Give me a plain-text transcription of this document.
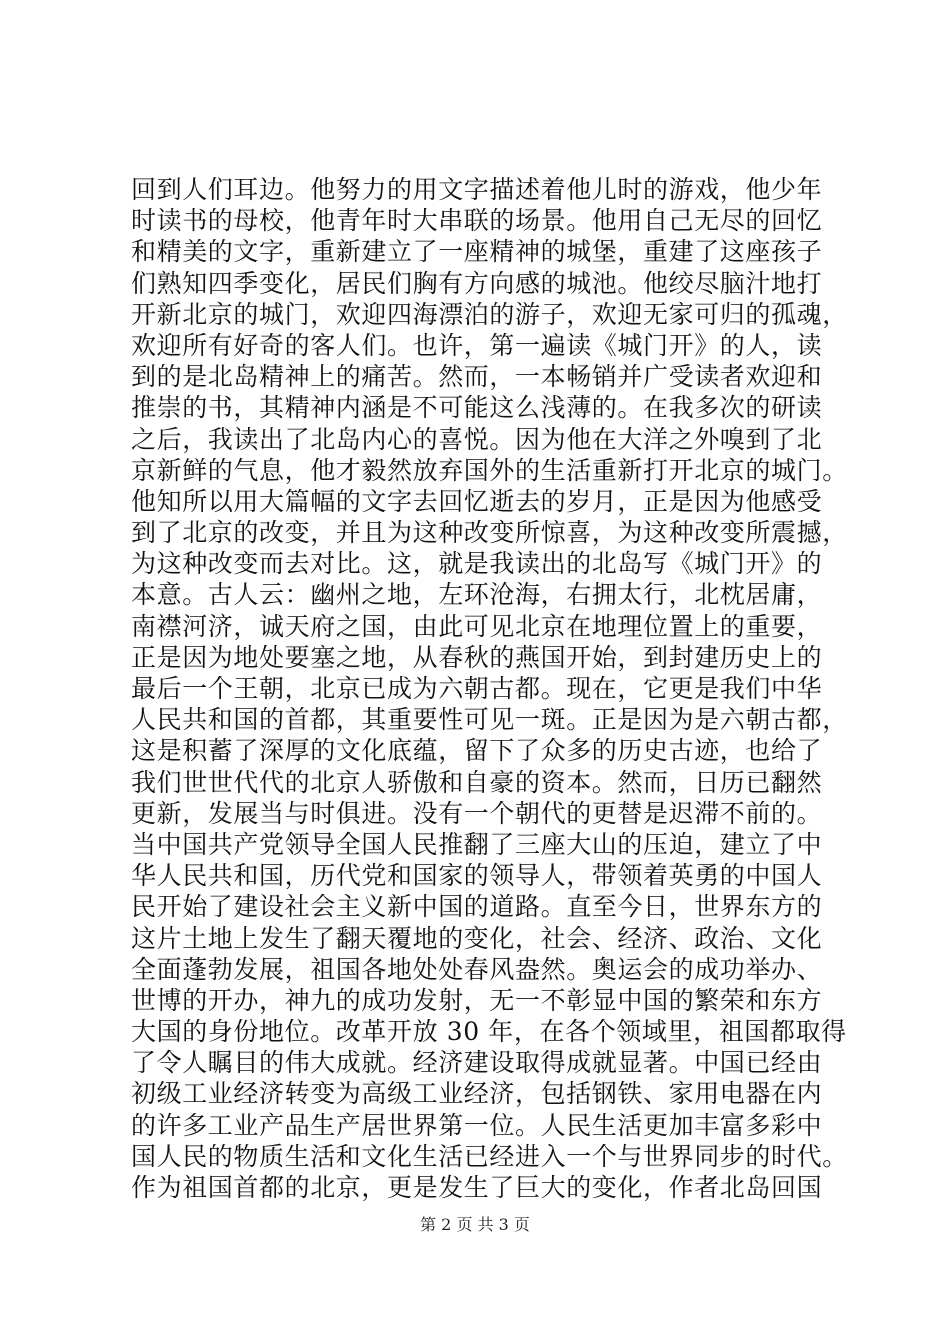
回到人们耳边。他努力的用文字描述着他儿时的游戏，他少年
时读书的母校，他青年时大串联的场景。他用自己无尽的回忆
和精美的文字，重新建立了一座精神的城堡，重建了这座孩子
们熟知四季变化，居民们胸有方向感的城池。他绞尽脑汁地打
开新北京的城门，欢迎四海漂泊的游子，欢迎无家可归的孤魂，
欢迎所有好奇的客人们。也许，第一遍读《城门开》的人，读
到的是北岛精神上的痛苦。然而，一本畅销并广受读者欢迎和
推崇的书，其精神内涵是不可能这么浅薄的。在我多次的研读
之后，我读出了北岛内心的喜悦。因为他在大洋之外嗅到了北
京新鲜的气息，他才毅然放弃国外的生活重新打开北京的城门。
他知所以用大篇幅的文字去回忆逝去的岁月，正是因为他感受
到了北京的改变，并且为这种改变所惊喜，为这种改变所震撼，
为这种改变而去对比。这，就是我读出的北岛写《城门开》的
本意。古人云：幽州之地，左环沧海，右拥太行，北枕居庸，
南襟河济，诚天府之国，由此可见北京在地理位置上的重要，
正是因为地处要塞之地，从春秋的燕国开始，到封建历史上的
最后一个王朝，北京已成为六朝古都。现在，它更是我们中华
人民共和国的首都，其重要性可见一斑。正是因为是六朝古都，
这是积蓄了深厚的文化底蕴，留下了众多的历史古迹，也给了
我们世世代代的北京人骄傲和自豪的资本。然而，日历已翻然
更新，发展当与时俱进。没有一个朝代的更替是迟滞不前的。
当中国共产党领导全国人民推翻了三座大山的压迫，建立了中
华人民共和国，历代党和国家的领导人，带领着英勇的中国人
民开始了建设社会主义新中国的道路。直至今日，世界东方的
这片土地上发生了翻天覆地的变化，社会、经济、政治、文化
全面蓬勃发展，祖国各地处处春风盎然。奥运会的成功举办、
世博的开办，神九的成功发射，无一不彰显中国的繁荣和东方
大国的身份地位。改革开放 30 年，在各个领域里，祖国都取得
了令人瞩目的伟大成就。经济建设取得成就显著。中国已经由
初级工业经济转变为高级工业经济，包括钢铁、家用电器在内
的许多工业产品生产居世界第一位。人民生活更加丰富多彩中
国人民的物质生活和文化生活已经进入一个与世界同步的时代。
作为祖国首都的北京，更是发生了巨大的变化，作者北岛回国
第 2 页 共 3 页
